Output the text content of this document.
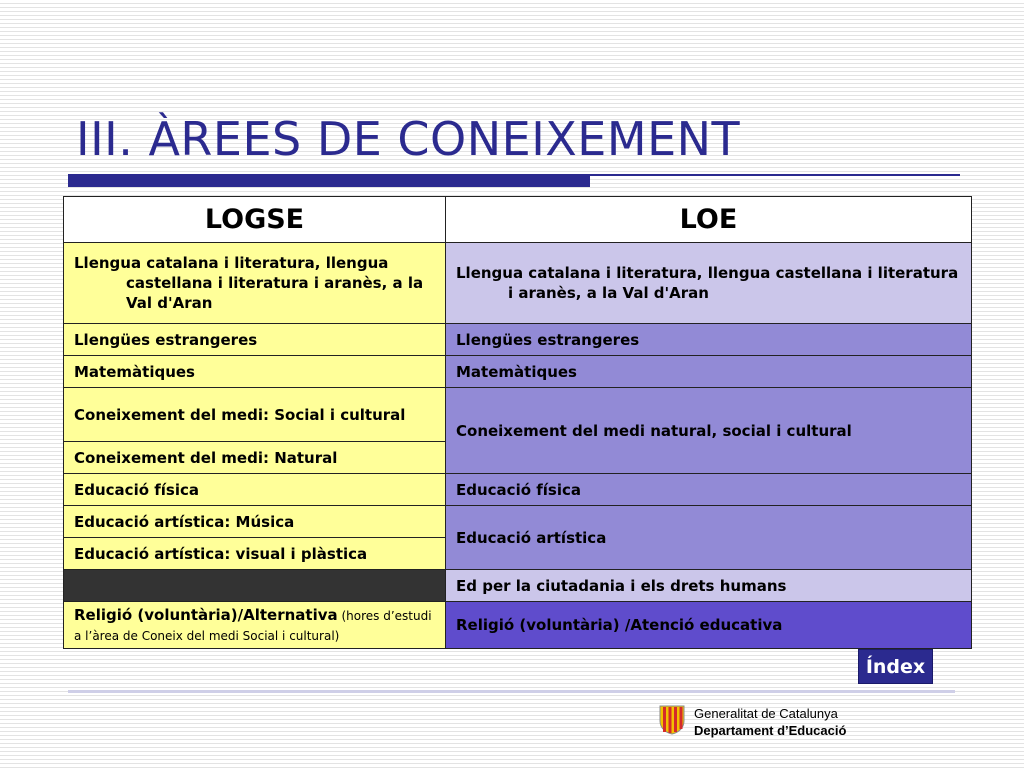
III. ÀREES DE CONEIXEMENT
LOGSE	LOE

Llengua catalana i literatura, llengua castellana i literatura i aranès, a la Val d'Aran	Llengua catalana i literatura, llengua castellana i literatura i aranès, a la Val d'Aran

Llengües estrangeres	Llengües estrangeres
Matemàtiques	Matemàtiques

Coneixement del medi: Social i cultural	Coneixement del medi natural, social i cultural
Coneixement del medi: Natural	
Educació física	Educació física
Educació artística: Música	Educació artística
Educació artística: visual i plàstica	
	Ed per la ciutadania i els drets humans
Religió (voluntària)/Alternativa (hores d’estudi a l’àrea de Coneix del medi Social i cultural)	Religió (voluntària) /Atenció educativa
Índex
Generalitat de Catalunya
Departament d’Educació
